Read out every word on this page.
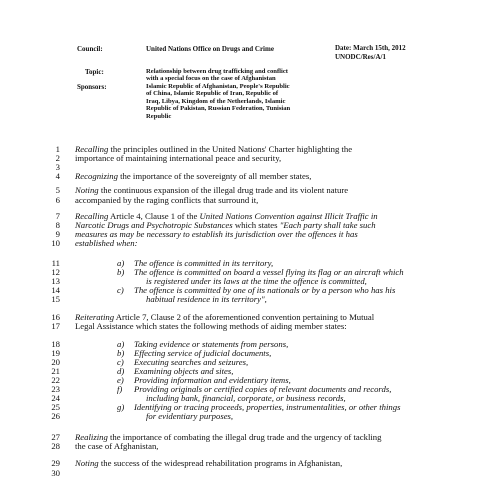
Council:	United Nations Office on Drugs and Crime	Date: March 15th, 2012
UNODC/Res/A/1
Topic:	Relationship between drug trafficking and conflict
with a special focus on the case of Afghanistan
Sponsors:	Islamic Republic of Afghanistan, People's Republic
of China, Islamic Republic of Iran, Republic of
Iraq, Libya, Kingdom of the Netherlands, Islamic
Republic of Pakistan, Russian Federation, Tunisian
Republic
1 Recalling the principles outlined in the United Nations' Charter highlighting the
2 importance of maintaining international peace and security,
3
4 Recognizing the importance of the sovereignty of all member states,
5 Noting the continuous expansion of the illegal drug trade and its violent nature
6 accompanied by the raging conflicts that surround it,
7 Recalling Article 4, Clause 1 of the United Nations Convention against Illicit Traffic in
8 Narcotic Drugs and Psychotropic Substances which states "Each party shall take such
9 measures as may be necessary to establish its jurisdiction over the offences it has
10 established when:
11	a) The offence is committed in its territory,
12	b) The offence is committed on board a vessel flying its flag or an aircraft which
13	is registered under its laws at the time the offence is committed,
14	c) The offence is committed by one of its nationals or by a person who has his
15	habitual residence in its territory",
16 Reiterating Article 7, Clause 2 of the aforementioned convention pertaining to Mutual
17 Legal Assistance which states the following methods of aiding member states:
18	a) Taking evidence or statements from persons,
19	b) Effecting service of judicial documents,
20	c) Executing searches and seizures,
21	d) Examining objects and sites,
22	e) Providing information and evidentiary items,
23	f) Providing originals or certified copies of relevant documents and records,
24	including bank, financial, corporate, or business records,
25	g) Identifying or tracing proceeds, properties, instrumentalities, or other things
26	for evidentiary purposes,
27 Realizing the importance of combating the illegal drug trade and the urgency of tackling
28 the case of Afghanistan,
29 Noting the success of the widespread rehabilitation programs in Afghanistan,
30
